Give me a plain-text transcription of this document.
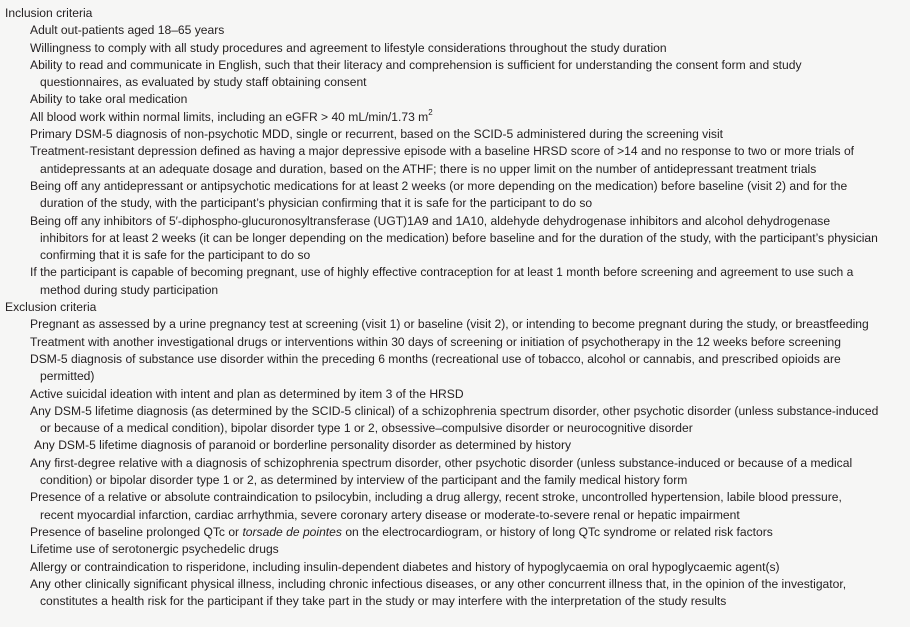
Inclusion criteria
Adult out-patients aged 18–65 years
Willingness to comply with all study procedures and agreement to lifestyle considerations throughout the study duration
Ability to read and communicate in English, such that their literacy and comprehension is sufficient for understanding the consent form and study
questionnaires, as evaluated by study staff obtaining consent
Ability to take oral medication
All blood work within normal limits, including an eGFR > 40 mL/min/1.73 $m^2$
Primary DSM-5 diagnosis of non-psychotic MDD, single or recurrent, based on the SCID-5 administered during the screening visit
Treatment-resistant depression defined as having a major depressive episode with a baseline HRSD score of >14 and no response to two or more trials of
antidepressants at an adequate dosage and duration, based on the ATHF; there is no upper limit on the number of antidepressant treatment trials
Being off any antidepressant or antipsychotic medications for at least 2 weeks (or more depending on the medication) before baseline (visit 2) and for the
duration of the study, with the participant’s physician confirming that it is safe for the participant to do so
Being off any inhibitors of 5′-diphospho-glucuronosyltransferase (UGT)1A9 and 1A10, aldehyde dehydrogenase inhibitors and alcohol dehydrogenase
inhibitors for at least 2 weeks (it can be longer depending on the medication) before baseline and for the duration of the study, with the participant’s physician
confirming that it is safe for the participant to do so
If the participant is capable of becoming pregnant, use of highly effective contraception for at least 1 month before screening and agreement to use such a
method during study participation
Exclusion criteria
Pregnant as assessed by a urine pregnancy test at screening (visit 1) or baseline (visit 2), or intending to become pregnant during the study, or breastfeeding
Treatment with another investigational drugs or interventions within 30 days of screening or initiation of psychotherapy in the 12 weeks before screening
DSM-5 diagnosis of substance use disorder within the preceding 6 months (recreational use of tobacco, alcohol or cannabis, and prescribed opioids are
permitted)
Active suicidal ideation with intent and plan as determined by item 3 of the HRSD
Any DSM-5 lifetime diagnosis (as determined by the SCID-5 clinical) of a schizophrenia spectrum disorder, other psychotic disorder (unless substance-induced
or because of a medical condition), bipolar disorder type 1 or 2, obsessive–compulsive disorder or neurocognitive disorder
Any DSM-5 lifetime diagnosis of paranoid or borderline personality disorder as determined by history
Any first-degree relative with a diagnosis of schizophrenia spectrum disorder, other psychotic disorder (unless substance-induced or because of a medical
condition) or bipolar disorder type 1 or 2, as determined by interview of the participant and the family medical history form
Presence of a relative or absolute contraindication to psilocybin, including a drug allergy, recent stroke, uncontrolled hypertension, labile blood pressure,
recent myocardial infarction, cardiac arrhythmia, severe coronary artery disease or moderate-to-severe renal or hepatic impairment
Presence of baseline prolonged QTc or torsade de pointes on the electrocardiogram, or history of long QTc syndrome or related risk factors
Lifetime use of serotonergic psychedelic drugs
Allergy or contraindication to risperidone, including insulin-dependent diabetes and history of hypoglycaemia on oral hypoglycaemic agent(s)
Any other clinically significant physical illness, including chronic infectious diseases, or any other concurrent illness that, in the opinion of the investigator,
constitutes a health risk for the participant if they take part in the study or may interfere with the interpretation of the study results
